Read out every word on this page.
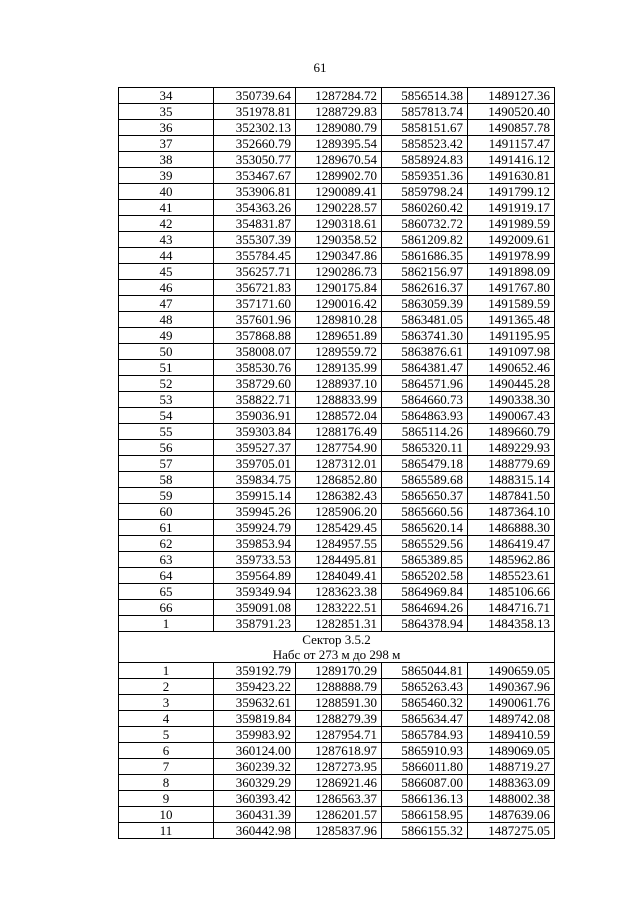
61
34	350739.64	1287284.72	5856514.38	1489127.36
35	351978.81	1288729.83	5857813.74	1490520.40
36	352302.13	1289080.79	5858151.67	1490857.78
37	352660.79	1289395.54	5858523.42	1491157.47
38	353050.77	1289670.54	5858924.83	1491416.12
39	353467.67	1289902.70	5859351.36	1491630.81
40	353906.81	1290089.41	5859798.24	1491799.12
41	354363.26	1290228.57	5860260.42	1491919.17
42	354831.87	1290318.61	5860732.72	1491989.59
43	355307.39	1290358.52	5861209.82	1492009.61
44	355784.45	1290347.86	5861686.35	1491978.99
45	356257.71	1290286.73	5862156.97	1491898.09
46	356721.83	1290175.84	5862616.37	1491767.80
47	357171.60	1290016.42	5863059.39	1491589.59
48	357601.96	1289810.28	5863481.05	1491365.48
49	357868.88	1289651.89	5863741.30	1491195.95
50	358008.07	1289559.72	5863876.61	1491097.98
51	358530.76	1289135.99	5864381.47	1490652.46
52	358729.60	1288937.10	5864571.96	1490445.28
53	358822.71	1288833.99	5864660.73	1490338.30
54	359036.91	1288572.04	5864863.93	1490067.43
55	359303.84	1288176.49	5865114.26	1489660.79
56	359527.37	1287754.90	5865320.11	1489229.93
57	359705.01	1287312.01	5865479.18	1488779.69
58	359834.75	1286852.80	5865589.68	1488315.14
59	359915.14	1286382.43	5865650.37	1487841.50
60	359945.26	1285906.20	5865660.56	1487364.10
61	359924.79	1285429.45	5865620.14	1486888.30
62	359853.94	1284957.55	5865529.56	1486419.47
63	359733.53	1284495.81	5865389.85	1485962.86
64	359564.89	1284049.41	5865202.58	1485523.61
65	359349.94	1283623.38	5864969.84	1485106.66
66	359091.08	1283222.51	5864694.26	1484716.71
1	358791.23	1282851.31	5864378.94	1484358.13
Сектор 3.5.2				
Набс от 273 м до 298 м				
1	359192.79	1289170.29	5865044.81	1490659.05
2	359423.22	1288888.79	5865263.43	1490367.96
3	359632.61	1288591.30	5865460.32	1490061.76
4	359819.84	1288279.39	5865634.47	1489742.08
5	359983.92	1287954.71	5865784.93	1489410.59
6	360124.00	1287618.97	5865910.93	1489069.05
7	360239.32	1287273.95	5866011.80	1488719.27
8	360329.29	1286921.46	5866087.00	1488363.09
9	360393.42	1286563.37	5866136.13	1488002.38
10	360431.39	1286201.57	5866158.95	1487639.06
11	360442.98	1285837.96	5866155.32	1487275.05
